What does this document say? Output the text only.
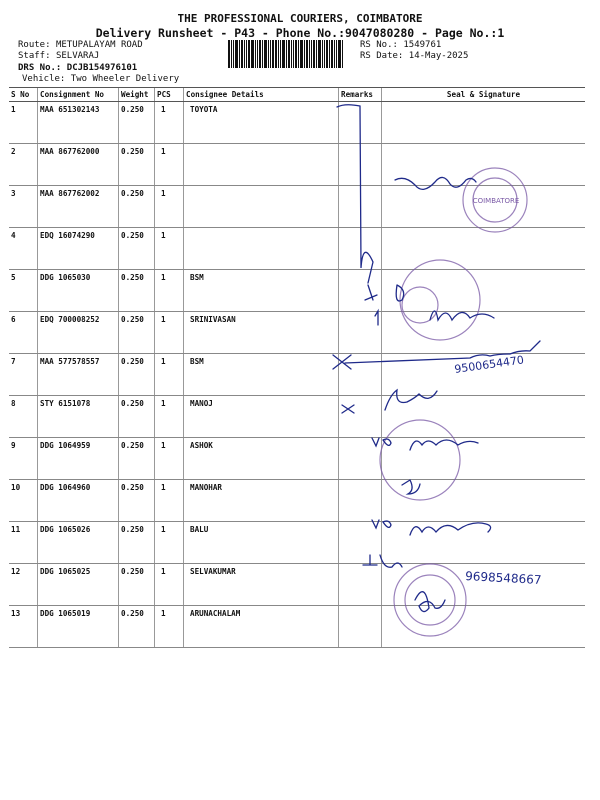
THE PROFESSIONAL COURIERS, COIMBATORE
Delivery Runsheet - P43 - Phone No.:9047080280 - Page No.:1
Route: METUPALAYAM ROAD
Staff: SELVARAJ
DRS No.: DCJB154976101
Vehicle: Two Wheeler Delivery
RS No.: 1549761
RS Date: 14-May-2025
S No	Consignment No	Weight	PCS	Consignee Details	Remarks	Seal & Signature
1	MAA 651302143	0.250	1	TOYOTA		
2	MAA 867762000	0.250	1			
3	MAA 867762002	0.250	1			
4	EDQ 16074290	0.250	1			
5	DDG 1065030	0.250	1	BSM		
6	EDQ 700008252	0.250	1	SRINIVASAN		
7	MAA 577578557	0.250	1	BSM		
8	STY 6151078	0.250	1	MANOJ		
9	DDG 1064959	0.250	1	ASHOK		
10	DDG 1064960	0.250	1	MANOHAR		
11	DDG 1065026	0.250	1	BALU		
12	DDG 1065025	0.250	1	SELVAKUMAR		
13	DDG 1065019	0.250	1	ARUNACHALAM		
COIMBATORE
9500654470
9698548667
